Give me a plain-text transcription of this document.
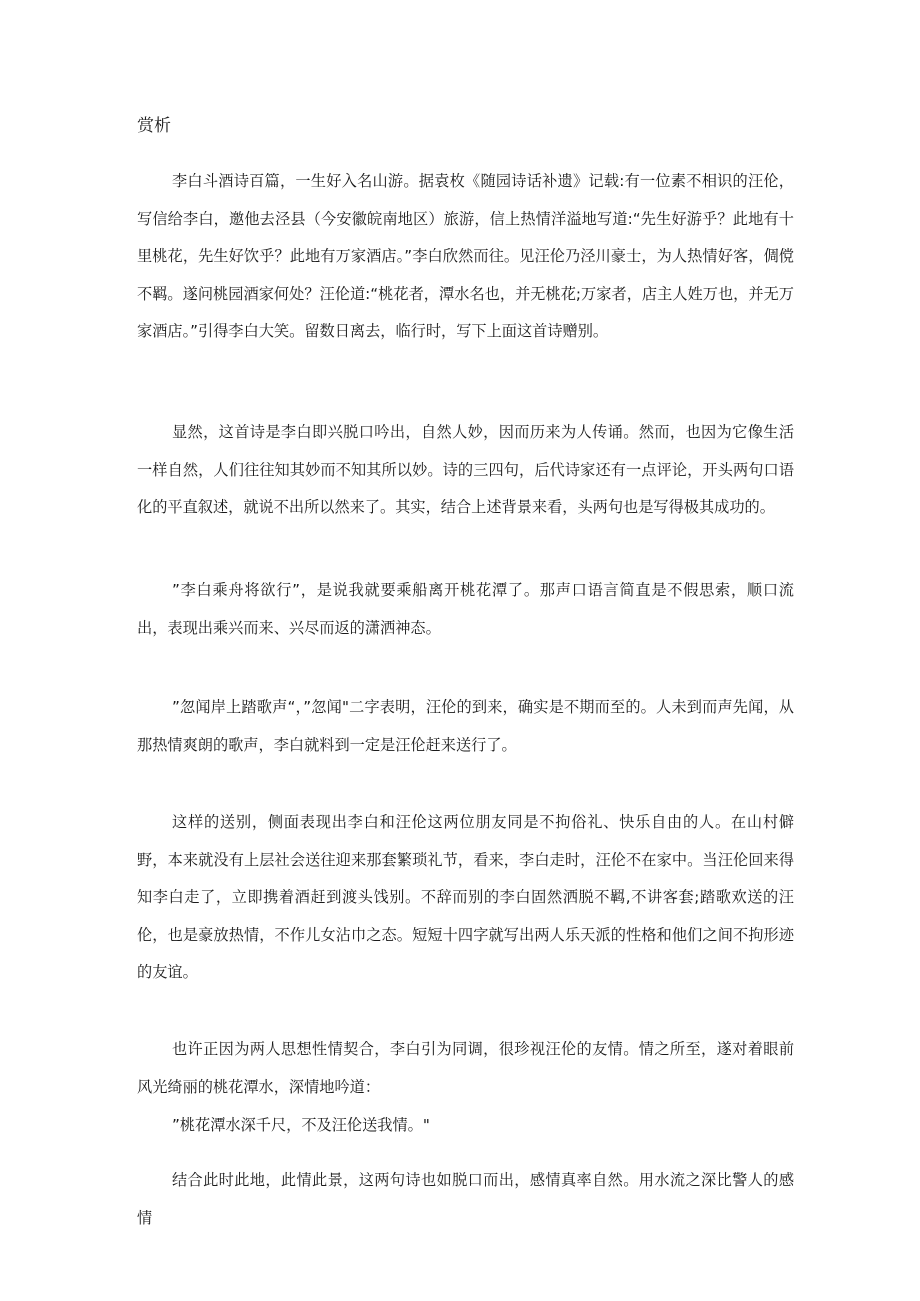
赏析

李白斗酒诗百篇，一生好入名山游。据袁枚《随园诗话补遗》记载:有一位素不相识的汪伦，写信给李白，邀他去泾县（今安徽皖南地区）旅游，信上热情洋溢地写道:“先生好游乎？此地有十里桃花，先生好饮乎？此地有万家酒店。”李白欣然而往。见汪伦乃泾川豪士，为人热情好客，倜傥不羁。遂问桃园酒家何处？汪伦道:“桃花者，潭水名也，并无桃花;万家者，店主人姓万也，并无万家酒店。”引得李白大笑。留数日离去，临行时，写下上面这首诗赠别。

显然，这首诗是李白即兴脱口吟出，自然人妙，因而历来为人传诵。然而，也因为它像生活一样自然，人们往往知其妙而不知其所以妙。诗的三四句，后代诗家还有一点评论，开头两句口语化的平直叙述，就说不出所以然来了。其实，结合上述背景来看，头两句也是写得极其成功的。

”李白乘舟将欲行”，是说我就要乘船离开桃花潭了。那声口语言简直是不假思索，顺口流出，表现出乘兴而来、兴尽而返的潇洒神态。

”忽闻岸上踏歌声“，”忽闻"二字表明，汪伦的到来，确实是不期而至的。人未到而声先闻，从那热情爽朗的歌声，李白就料到一定是汪伦赶来送行了。

这样的送别，侧面表现出李白和汪伦这两位朋友同是不拘俗礼、快乐自由的人。在山村僻野，本来就没有上层社会送往迎来那套繁琐礼节，看来，李白走时，汪伦不在家中。当汪伦回来得知李白走了，立即携着酒赶到渡头饯别。不辞而别的李白固然洒脱不羁,不讲客套;踏歌欢送的汪伦，也是豪放热情，不作儿女沾巾之态。短短十四字就写出两人乐天派的性格和他们之间不拘形迹的友谊。

也许正因为两人思想性情契合，李白引为同调，很珍视汪伦的友情。情之所至，遂对着眼前风光绮丽的桃花潭水，深情地吟道：

”桃花潭水深千尺，不及汪伦送我情。"

结合此时此地，此情此景，这两句诗也如脱口而出，感情真率自然。用水流之深比警人的感情
